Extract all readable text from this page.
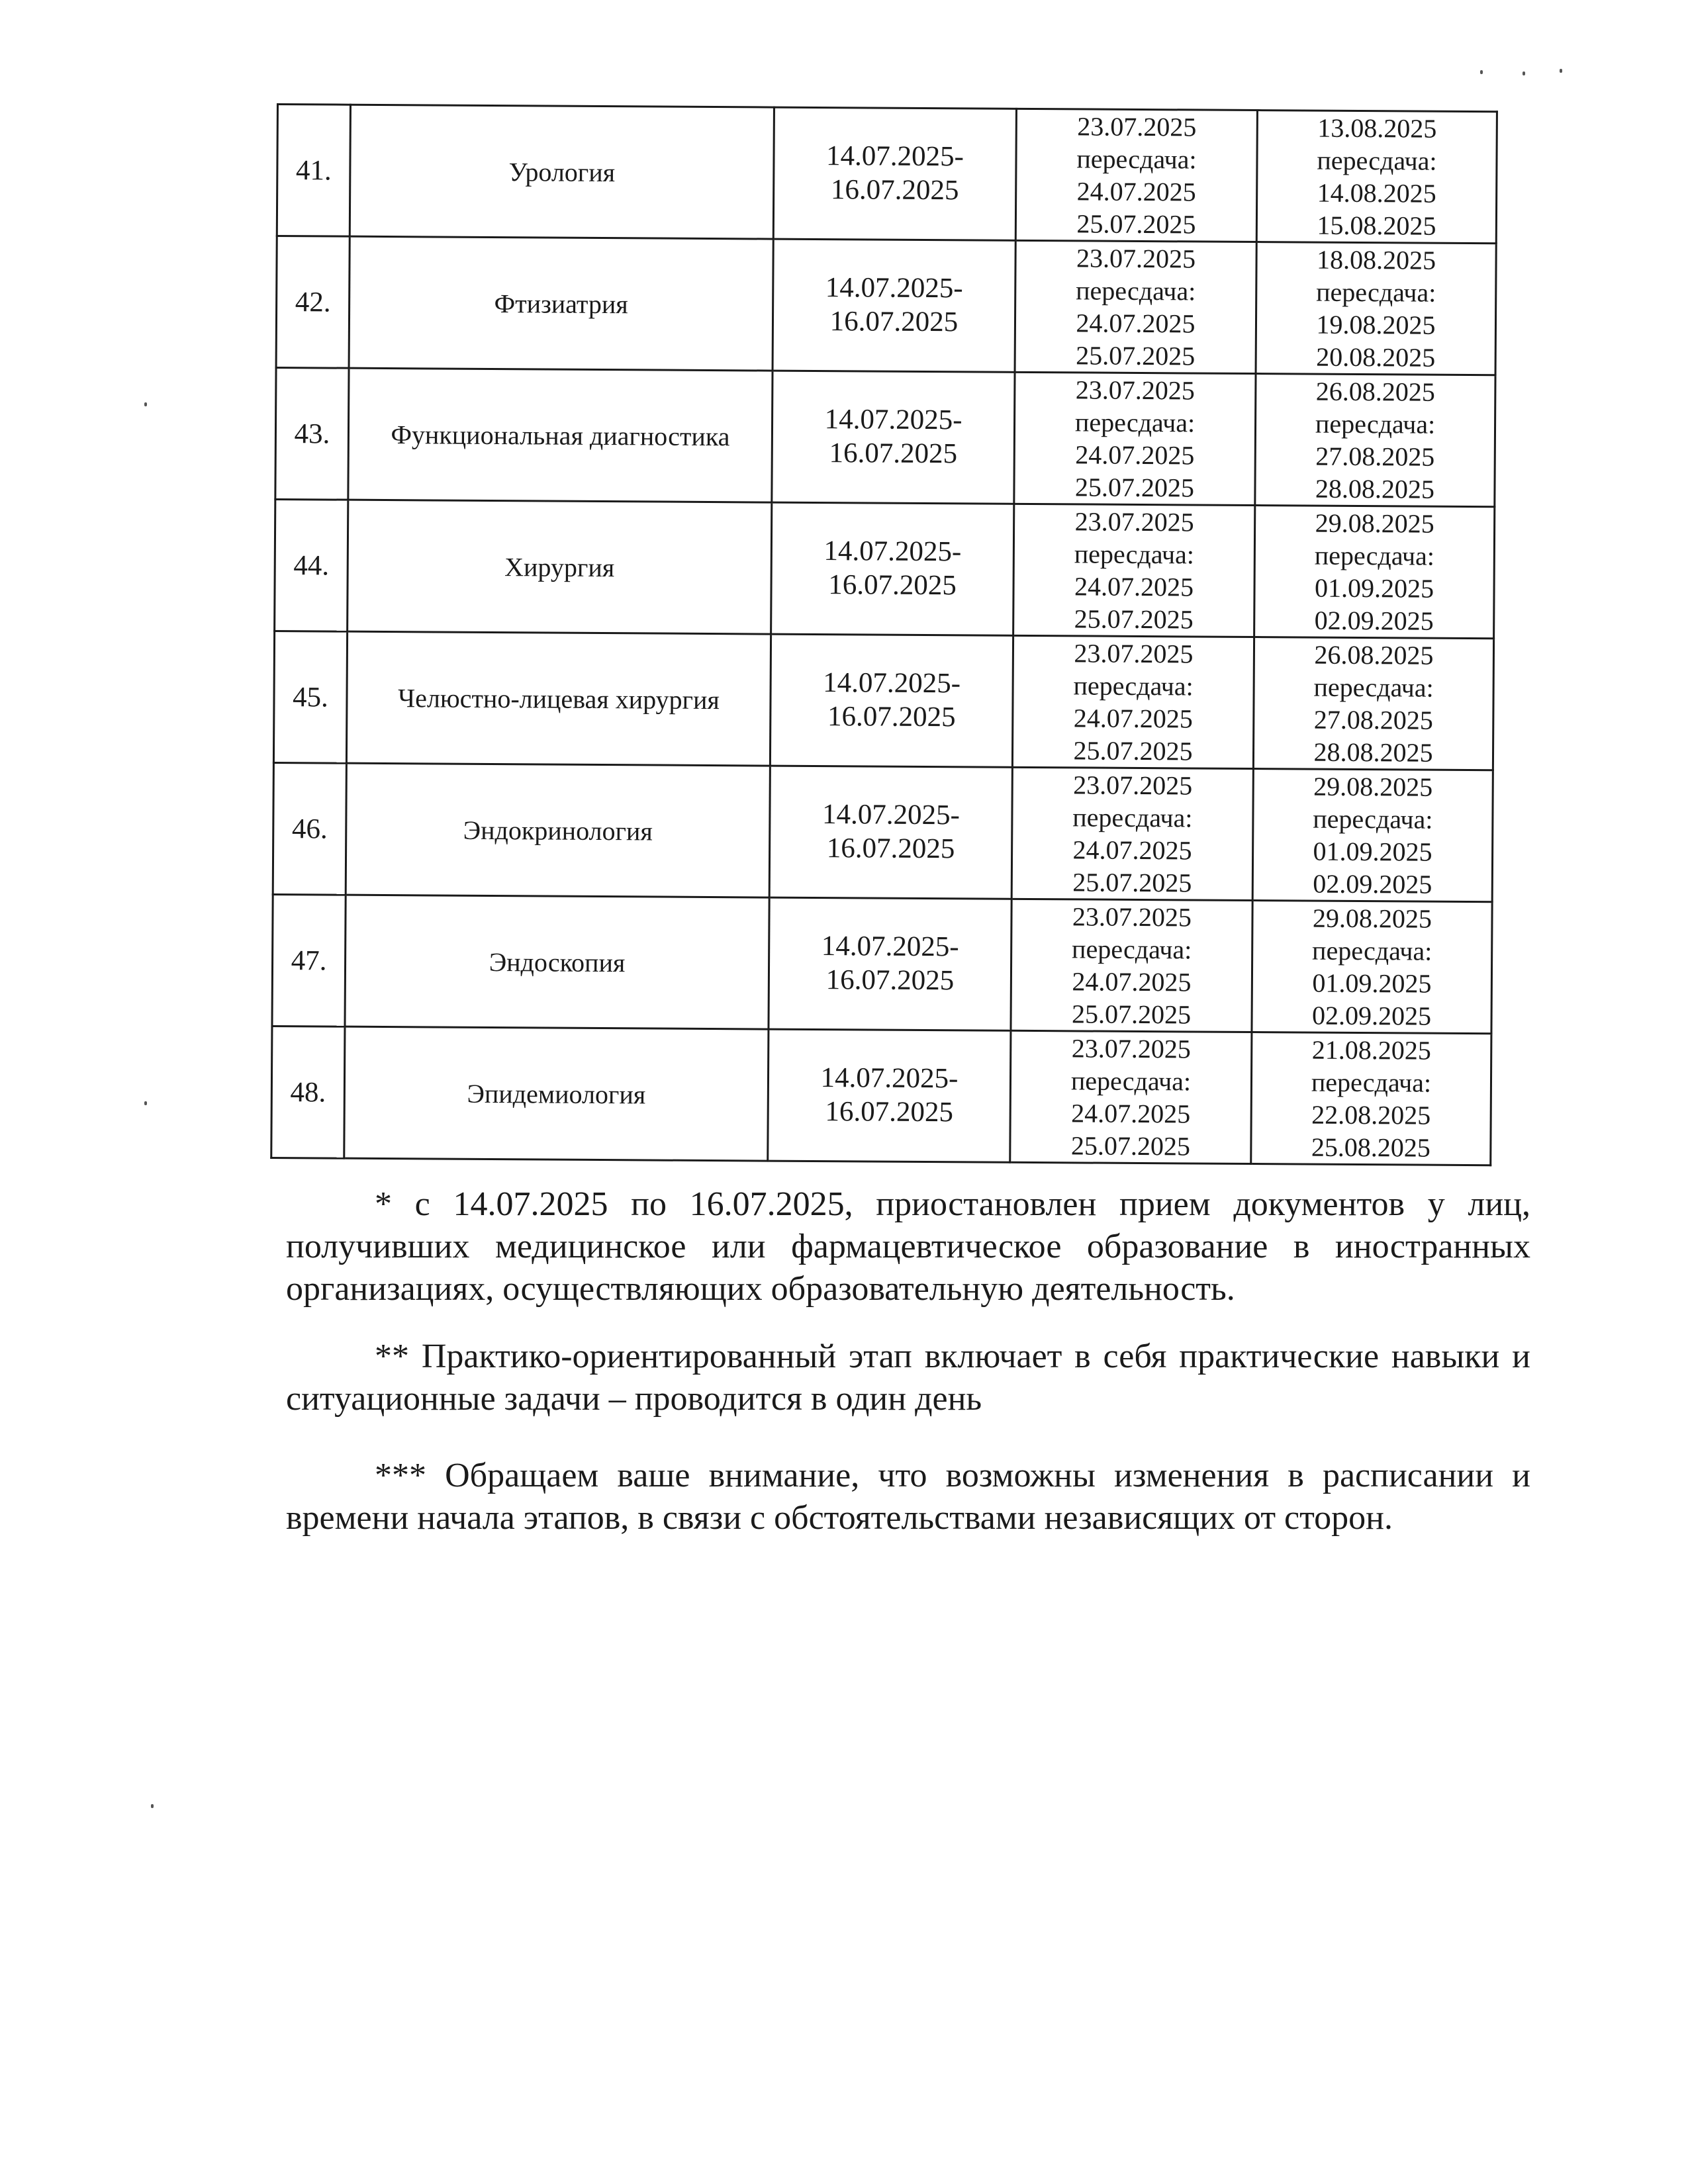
41.	Урология	14.07.2025-
16.07.2025	23.07.2025
пересдача:
24.07.2025
25.07.2025	13.08.2025
пересдача:
14.08.2025
15.08.2025

42.	Фтизиатрия	14.07.2025-
16.07.2025	23.07.2025
пересдача:
24.07.2025
25.07.2025	18.08.2025
пересдача:
19.08.2025
20.08.2025

43.	Функциональная диагностика	14.07.2025-
16.07.2025	23.07.2025
пересдача:
24.07.2025
25.07.2025	26.08.2025
пересдача:
27.08.2025
28.08.2025

44.	Хирургия	14.07.2025-
16.07.2025	23.07.2025
пересдача:
24.07.2025
25.07.2025	29.08.2025
пересдача:
01.09.2025
02.09.2025

45.	Челюстно-лицевая хирургия	14.07.2025-
16.07.2025	23.07.2025
пересдача:
24.07.2025
25.07.2025	26.08.2025
пересдача:
27.08.2025
28.08.2025

46.	Эндокринология	14.07.2025-
16.07.2025	23.07.2025
пересдача:
24.07.2025
25.07.2025	29.08.2025
пересдача:
01.09.2025
02.09.2025

47.	Эндоскопия	14.07.2025-
16.07.2025	23.07.2025
пересдача:
24.07.2025
25.07.2025	29.08.2025
пересдача:
01.09.2025
02.09.2025

48.	Эпидемиология	14.07.2025-
16.07.2025	23.07.2025
пересдача:
24.07.2025
25.07.2025	21.08.2025
пересдача:
22.08.2025
25.08.2025

* с 14.07.2025 по 16.07.2025, приостановлен прием документов у лиц, получивших медицинское или фармацевтическое образование в иностранных организациях, осуществляющих образовательную деятельность.

** Практико-ориентированный этап включает в себя практические навыки и ситуационные задачи – проводится в один день

*** Обращаем ваше внимание, что возможны изменения в расписании и времени начала этапов, в связи с обстоятельствами независящих от сторон.
